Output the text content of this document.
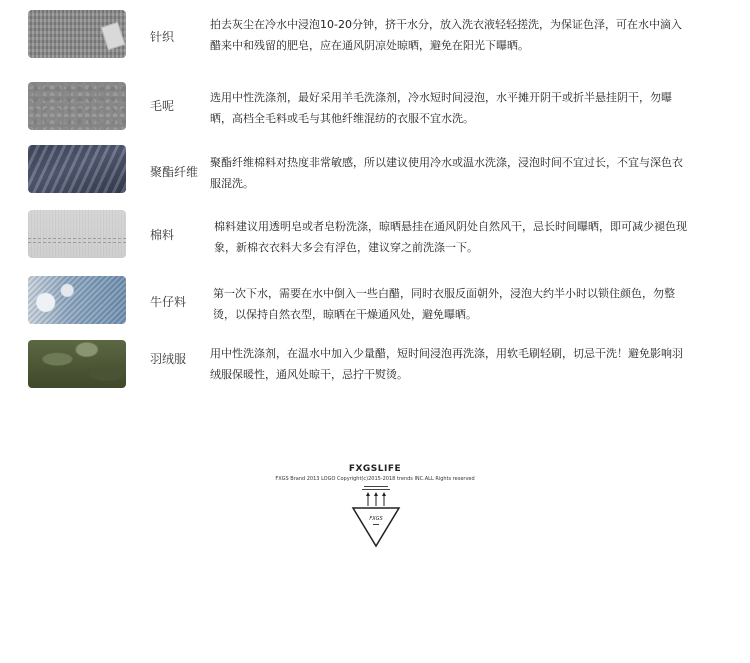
针织
拍去灰尘在冷水中浸泡10-20分钟，挤干水分，放入洗衣液轻轻搓洗，为保证色泽，可在水中滴入醋来中和残留的肥皂，应在通风阴凉处晾晒，避免在阳光下曝晒。
毛呢
选用中性洗涤剂，最好采用羊毛洗涤剂，冷水短时间浸泡，水平摊开阴干或折半悬挂阴干，勿曝晒，高档全毛料或毛与其他纤维混纺的衣服不宜水洗。
聚酯纤维
聚酯纤维棉料对热度非常敏感，所以建议使用冷水或温水洗涤，浸泡时间不宜过长，不宜与深色衣服混洗。
棉料
棉料建议用透明皂或者皂粉洗涤，晾晒悬挂在通风阴处自然风干，忌长时间曝晒，即可减少褪色现象，新棉衣衣料大多会有浮色，建议穿之前洗涤一下。
牛仔料
第一次下水，需要在水中倒入一些白醋，同时衣服反面朝外，浸泡大约半小时以锁住颜色，勿整烫，以保持自然衣型，晾晒在干燥通风处，避免曝晒。
羽绒服 用中性洗涤剂，在温水中加入少量醋，短时间浸泡再洗涤，用软毛刷轻刷，切忌干洗！避免影响羽绒服保暖性，通风处晾干，忌拧干熨烫。
FXGSLIFE
FXGS Brand 2013 LOGO Copyright(c)2015-2018 trends INC.ALL Rights reserved
FXGS
